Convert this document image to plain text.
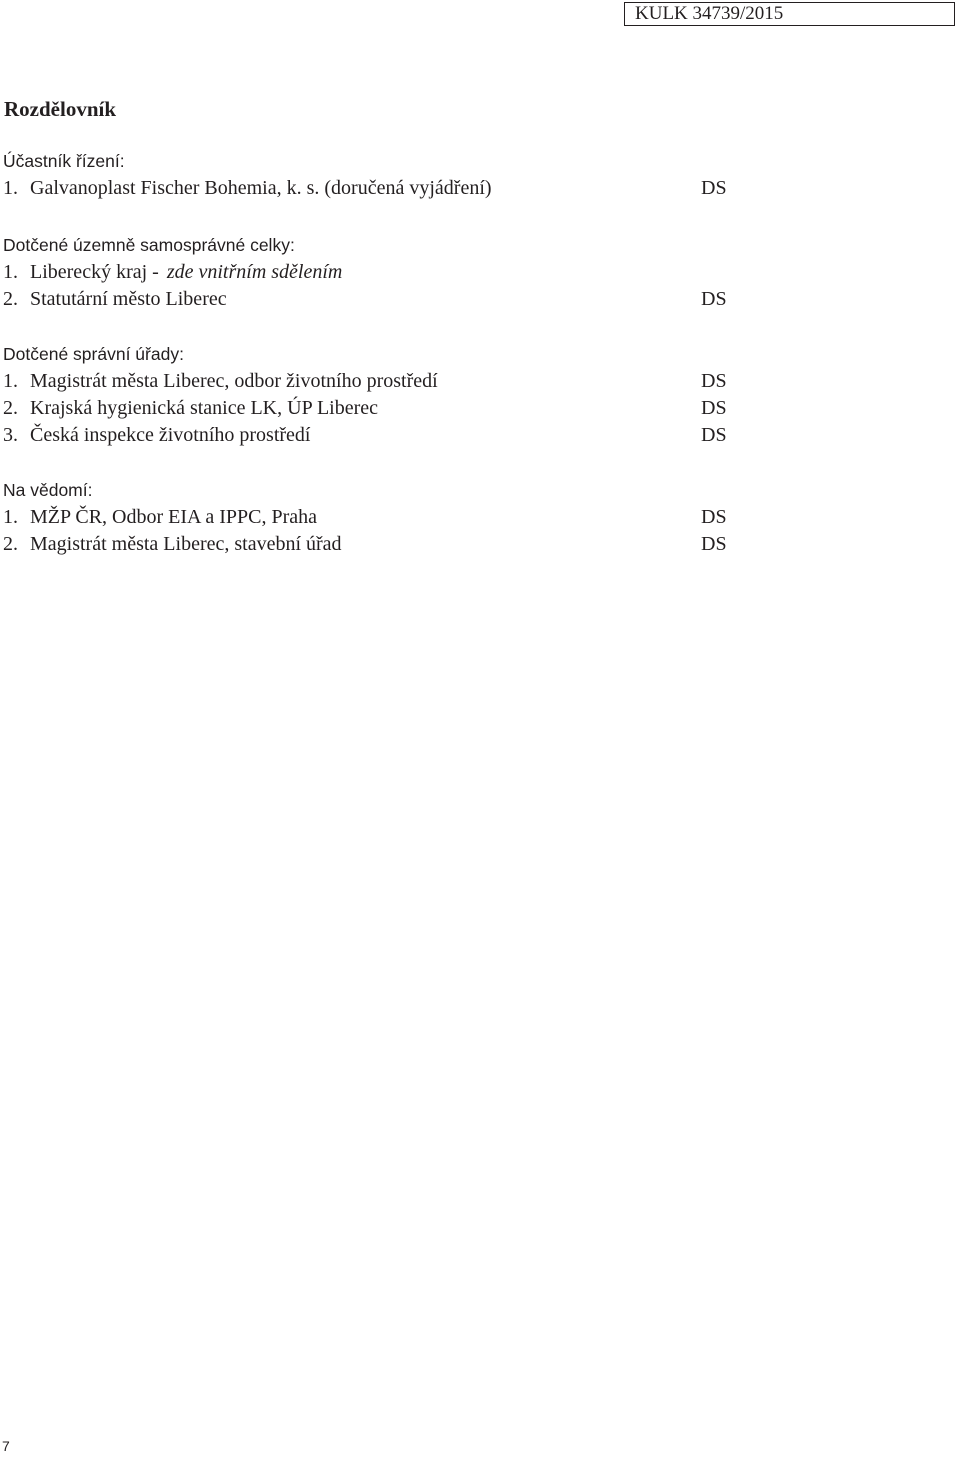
KULK 34739/2015
Rozdělovník
Účastník řízení:
1. Galvanoplast Fischer Bohemia, k. s. (doručená vyjádření)	DS
Dotčené územně samosprávné celky:
1. Liberecký kraj - zde vnitřním sdělením
2. Statutární město Liberec	DS
Dotčené správní úřady:
1. Magistrát města Liberec, odbor životního prostředí	DS
2. Krajská hygienická stanice LK, ÚP Liberec	DS
3. Česká inspekce životního prostředí	DS
Na vědomí:
1. MŽP ČR, Odbor EIA a IPPC, Praha	DS
2. Magistrát města Liberec, stavební úřad	DS
7
